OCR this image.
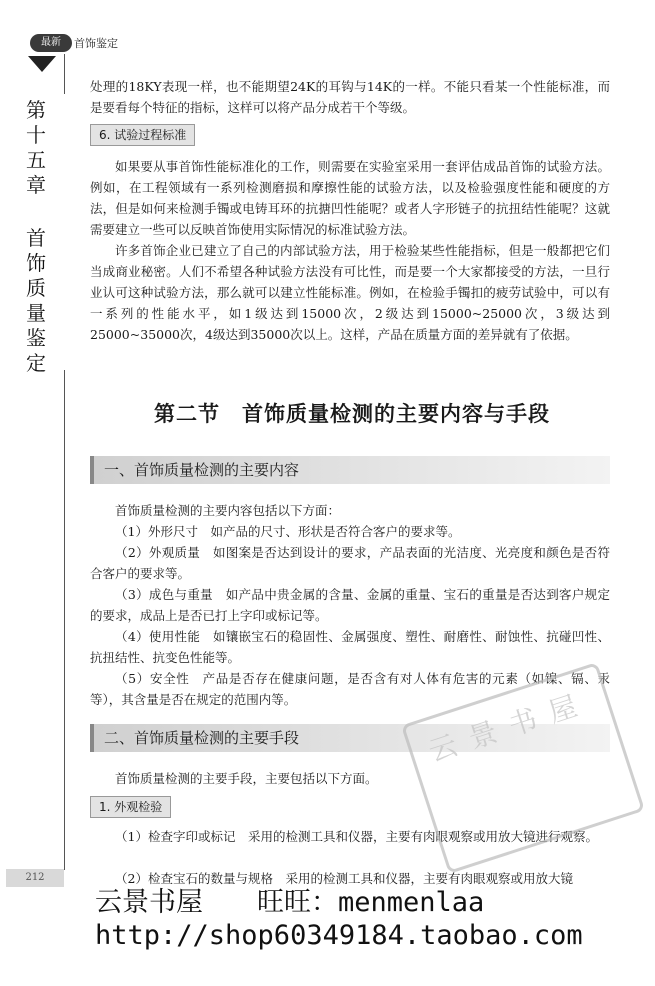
最新	首饰鉴定
第十五章
首饰质量鉴定

处理的18KY表现一样，也不能期望24K的耳钩与14K的一样。不能只看某一个性能标准，而是要看每个特征的指标，这样可以将产品分成若干个等级。

6. 试验过程标准

如果要从事首饰性能标准化的工作，则需要在实验室采用一套评估成品首饰的试验方法。例如，在工程领域有一系列检测磨损和摩擦性能的试验方法，以及检验强度性能和硬度的方法，但是如何来检测手镯或电铸耳环的抗搪凹性能呢？或者人字形链子的抗扭结性能呢？这就需要建立一些可以反映首饰使用实际情况的标准试验方法。

许多首饰企业已建立了自己的内部试验方法，用于检验某些性能指标，但是一般都把它们当成商业秘密。人们不希望各种试验方法没有可比性，而是要一个大家都接受的方法，一旦行业认可这种试验方法，那么就可以建立性能标准。例如，在检验手镯扣的疲劳试验中，可以有一系列的性能水平，如1级达到15000次，2级达到15000~25000次，3级达到25000~35000次，4级达到35000次以上。这样，产品在质量方面的差异就有了依据。

第二节　首饰质量检测的主要内容与手段
一、首饰质量检测的主要内容

首饰质量检测的主要内容包括以下方面：

（1）外形尺寸　如产品的尺寸、形状是否符合客户的要求等。

（2）外观质量　如图案是否达到设计的要求，产品表面的光洁度、光亮度和颜色是否符合客户的要求等。

（3）成色与重量　如产品中贵金属的含量、金属的重量、宝石的重量是否达到客户规定的要求，成品上是否已打上字印或标记等。

（4）使用性能　如镶嵌宝石的稳固性、金属强度、塑性、耐磨性、耐蚀性、抗碰凹性、抗扭结性、抗变色性能等。

（5）安全性　产品是否存在健康问题，是否含有对人体有危害的元素（如镍、镉、汞等），其含量是否在规定的范围内等。

二、首饰质量检测的主要手段

首饰质量检测的主要手段，主要包括以下方面。

1. 外观检验

（1）检查字印或标记　采用的检测工具和仪器，主要有肉眼观察或用放大镜进行观察。

（2）检查宝石的数量与规格　采用的检测工具和仪器，主要有肉眼观察或用放大镜

云景书屋
212
云景书屋　　旺旺：menmenlaa
http://shop60349184.taobao.com
